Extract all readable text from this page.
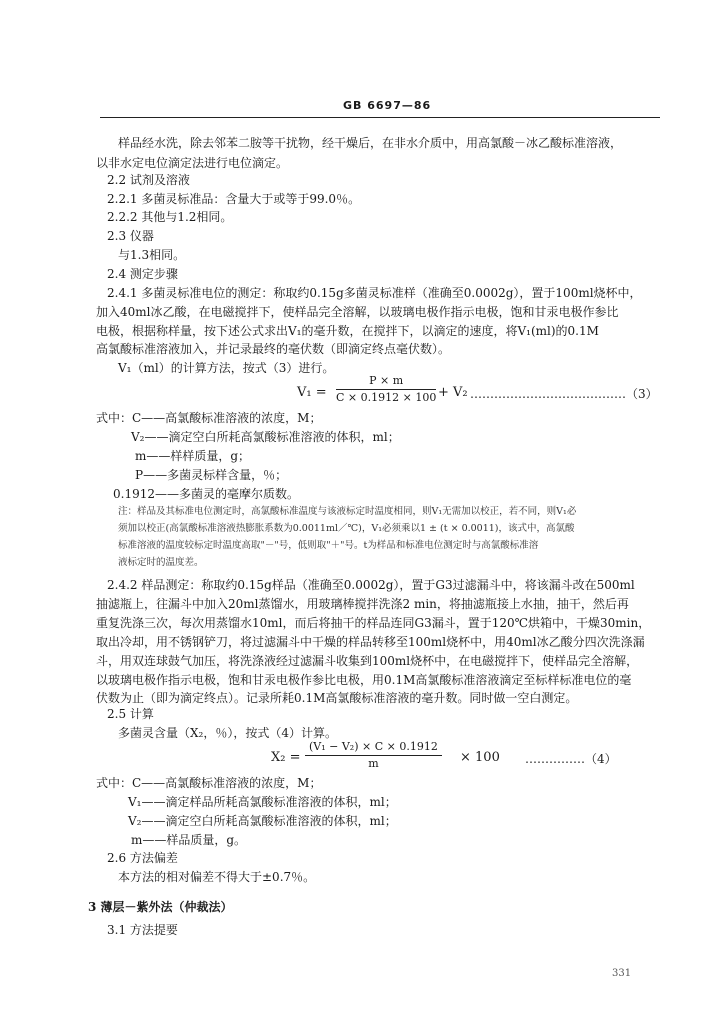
GB 6697—86
样品经水洗，除去邻苯二胺等干扰物，经干燥后，在非水介质中，用高氯酸－冰乙酸标准溶液，
以非水定电位滴定法进行电位滴定。
2.2 试剂及溶液
2.2.1 多菌灵标准品：含量大于或等于99.0％。
2.2.2 其他与1.2相同。
2.3 仪器
与1.3相同。
2.4 测定步骤
2.4.1 多菌灵标准电位的测定：称取约0.15g多菌灵标准样（准确至0.0002g），置于100ml烧杯中，
加入40ml冰乙酸，在电磁搅拌下，使样品完全溶解，以玻璃电极作指示电极，饱和甘汞电极作参比
电极，根据称样量，按下述公式求出V₁的毫升数，在搅拌下，以滴定的速度，将V₁(ml)的0.1M
高氯酸标准溶液加入，并记录最终的毫伏数（即滴定终点毫伏数）。
V₁（ml）的计算方法，按式（3）进行。
$V_1 = \frac{P \times m}{C \times 0.1912 \times 100} + V_2$ …………………………………（3）
式中：C——高氯酸标准溶液的浓度，M；
V₂——滴定空白所耗高氯酸标准溶液的体积，ml；
m——样样质量，g；
P——多菌灵标样含量，％；
0.1912——多菌灵的毫摩尔质数。
注：样品及其标准电位测定时，高氯酸标准温度与该液标定时温度相同，则V₁无需加以校正，若不同，则V₁必
须加以校正(高氯酸标准溶液热膨胀系数为0.0011ml／℃)，V₁必须乘以1 ± (t × 0.0011)，该式中，高氯酸
标准溶液的温度较标定时温度高取"－"号，低则取"＋"号。t为样品和标准电位测定时与高氯酸标准溶
液标定时的温度差。
2.4.2 样品测定：称取约0.15g样品（准确至0.0002g），置于G3过滤漏斗中，将该漏斗改在500ml
抽滤瓶上，往漏斗中加入20ml蒸馏水，用玻璃棒搅拌洗涤2 min，将抽滤瓶接上水抽，抽干，然后再
重复洗涤三次，每次用蒸馏水10ml，而后将抽干的样品连同G3漏斗，置于120℃烘箱中，干燥30min，
取出冷却，用不锈钢铲刀，将过滤漏斗中干燥的样品转移至100ml烧杯中，用40ml冰乙酸分四次洗涤漏
斗，用双连球鼓气加压，将洗涤液经过滤漏斗收集到100ml烧杯中，在电磁搅拌下，使样品完全溶解，
以玻璃电极作指示电极，饱和甘汞电极作参比电极，用0.1M高氯酸标准溶液滴定至标样标准电位的毫
伏数为止（即为滴定终点）。记录所耗0.1M高氯酸标准溶液的毫升数。同时做一空白测定。
2.5 计算
多菌灵含量（X₂，％），按式（4）计算。
$X_2 = \frac{\text{(V₁ − V₂) × C × 0.1912}}{m} \times 100$ ……………（4）
式中：C——高氯酸标准溶液的浓度，M；
V₁——滴定样品所耗高氯酸标准溶液的体积，ml；
V₂——滴定空白所耗高氯酸标准溶液的体积，ml；
m——样品质量，g。
2.6 方法偏差
本方法的相对偏差不得大于±0.7％。
3 薄层－紫外法（仲裁法）
3.1 方法提要
331
